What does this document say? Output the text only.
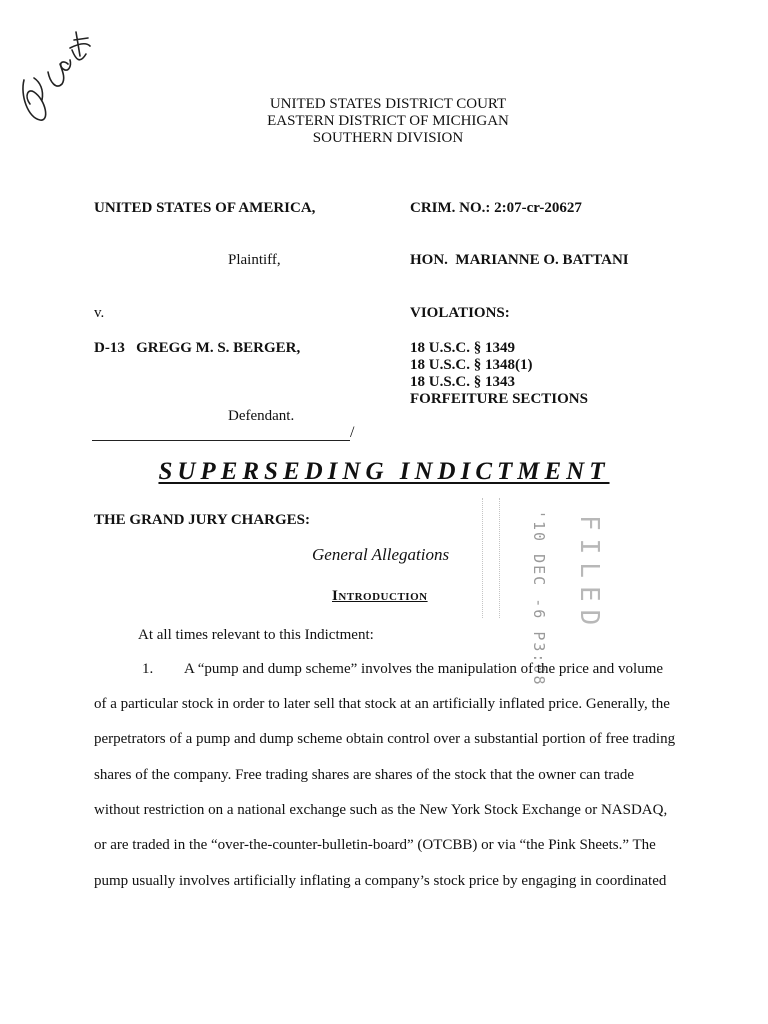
UNITED STATES DISTRICT COURT
EASTERN DISTRICT OF MICHIGAN
SOUTHERN DIVISION
UNITED STATES OF AMERICA,
Plaintiff,
v.
D-13   GREGG M. S. BERGER,
Defendant.
/
CRIM. NO.: 2:07-cr-20627
HON.  MARIANNE O. BATTANI
VIOLATIONS:
18 U.S.C. § 1349
18 U.S.C. § 1348(1)
18 U.S.C. § 1343
FORFEITURE SECTIONS
SUPERSEDING INDICTMENT
THE GRAND JURY CHARGES:
General Allegations
Introduction
At all times relevant to this Indictment:	'10 DEC -6 P3:08 FILED
1. A “pump and dump scheme” involves the manipulation of the price and volume
of a particular stock in order to later sell that stock at an artificially inflated price. Generally, the
perpetrators of a pump and dump scheme obtain control over a substantial portion of free trading
shares of the company. Free trading shares are shares of the stock that the owner can trade
without restriction on a national exchange such as the New York Stock Exchange or NASDAQ,
or are traded in the “over-the-counter-bulletin-board” (OTCBB) or via “the Pink Sheets.” The
pump usually involves artificially inflating a company’s stock price by engaging in coordinated
